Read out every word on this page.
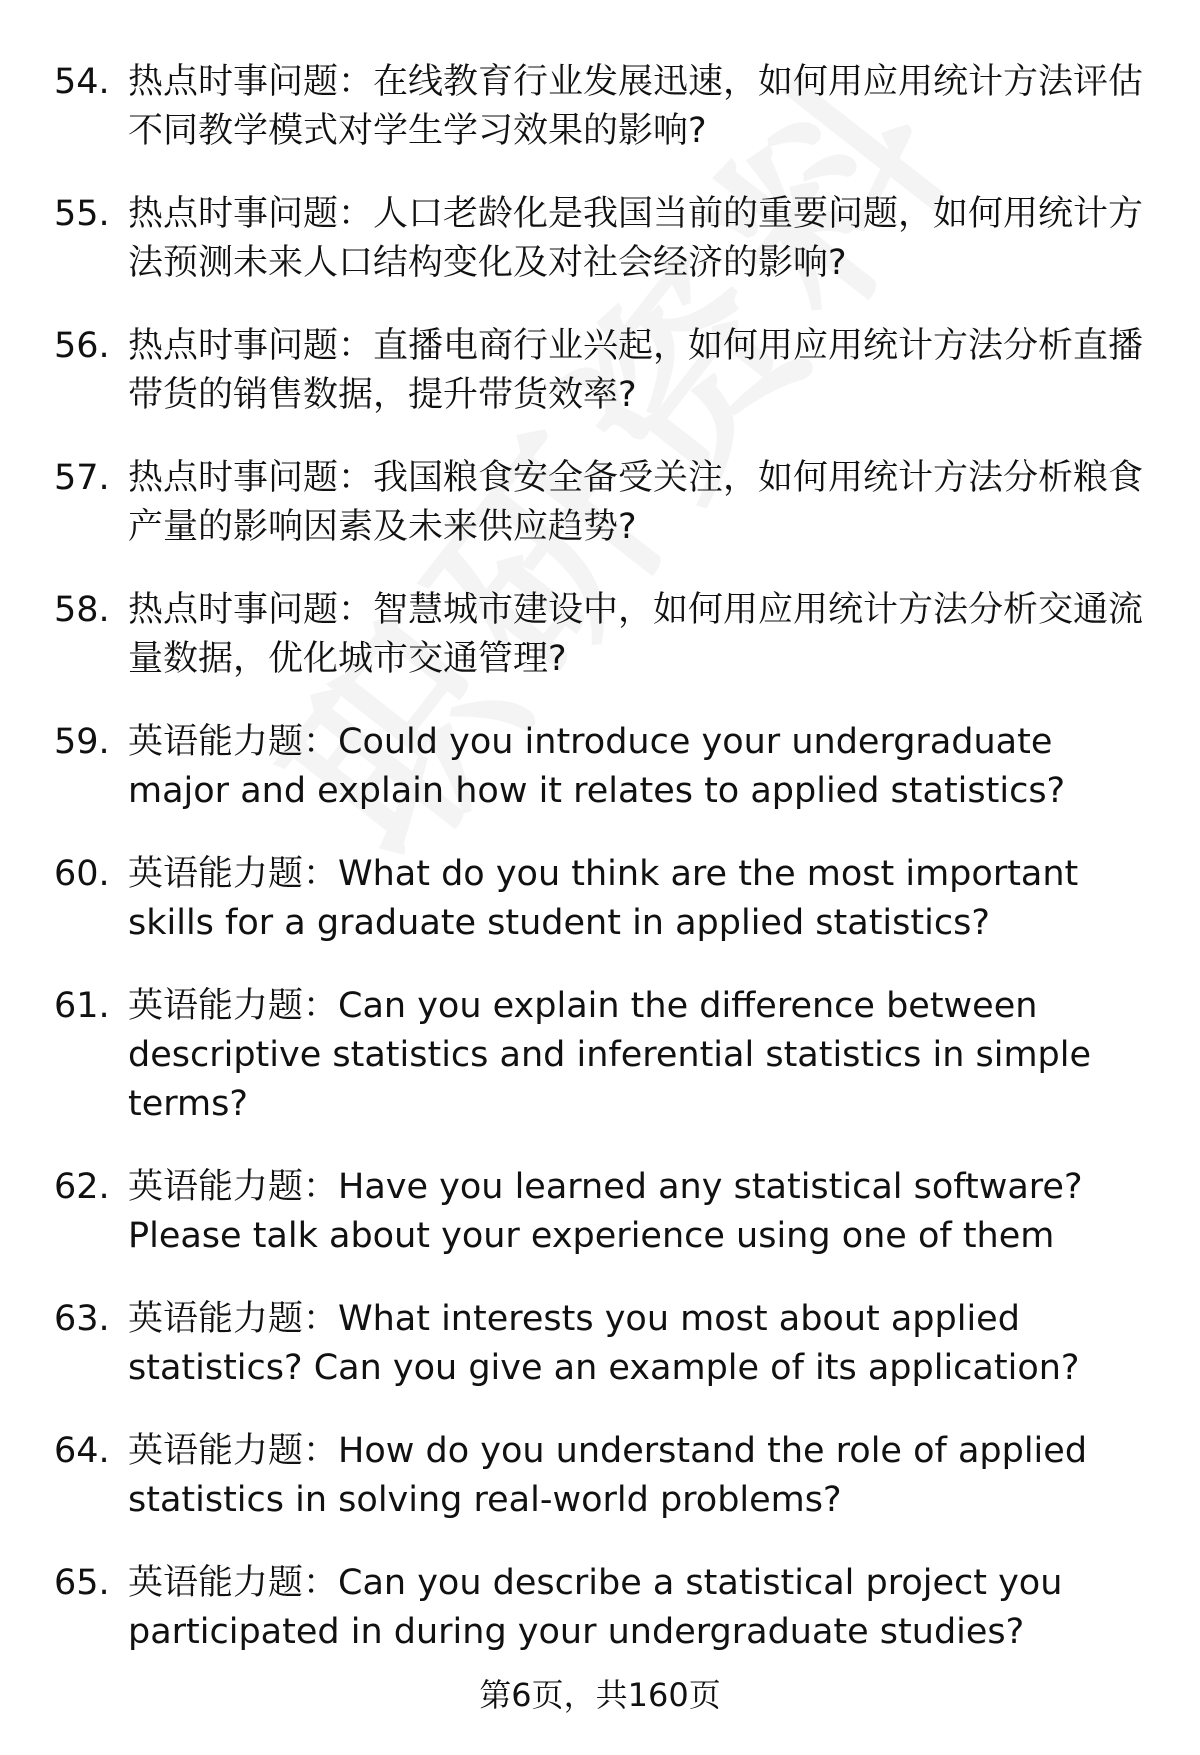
54. 热点时事问题：在线教育行业发展迅速，如何用应用统计方法评估不同教学模式对学生学习效果的影响?
55. 热点时事问题：人口老龄化是我国当前的重要问题，如何用统计方法预测未来人口结构变化及对社会经济的影响?
56. 热点时事问题：直播电商行业兴起，如何用应用统计方法分析直播带货的销售数据，提升带货效率?
57. 热点时事问题：我国粮食安全备受关注，如何用统计方法分析粮食产量的影响因素及未来供应趋势?
58. 热点时事问题：智慧城市建设中，如何用应用统计方法分析交通流量数据，优化城市交通管理?
59. 英语能力题：Could you introduce your undergraduate major and explain how it relates to applied statistics?
60. 英语能力题：What do you think are the most important skills for a graduate student in applied statistics?
61. 英语能力题：Can you explain the difference between descriptive statistics and inferential statistics in simple terms?
62. 英语能力题：Have you learned any statistical software? Please talk about your experience using one of them
63. 英语能力题：What interests you most about applied statistics? Can you give an example of its application?
64. 英语能力题：How do you understand the role of applied statistics in solving real-world problems?
65. 英语能力题：Can you describe a statistical project you participated in during your undergraduate studies?
第6页，共160页
